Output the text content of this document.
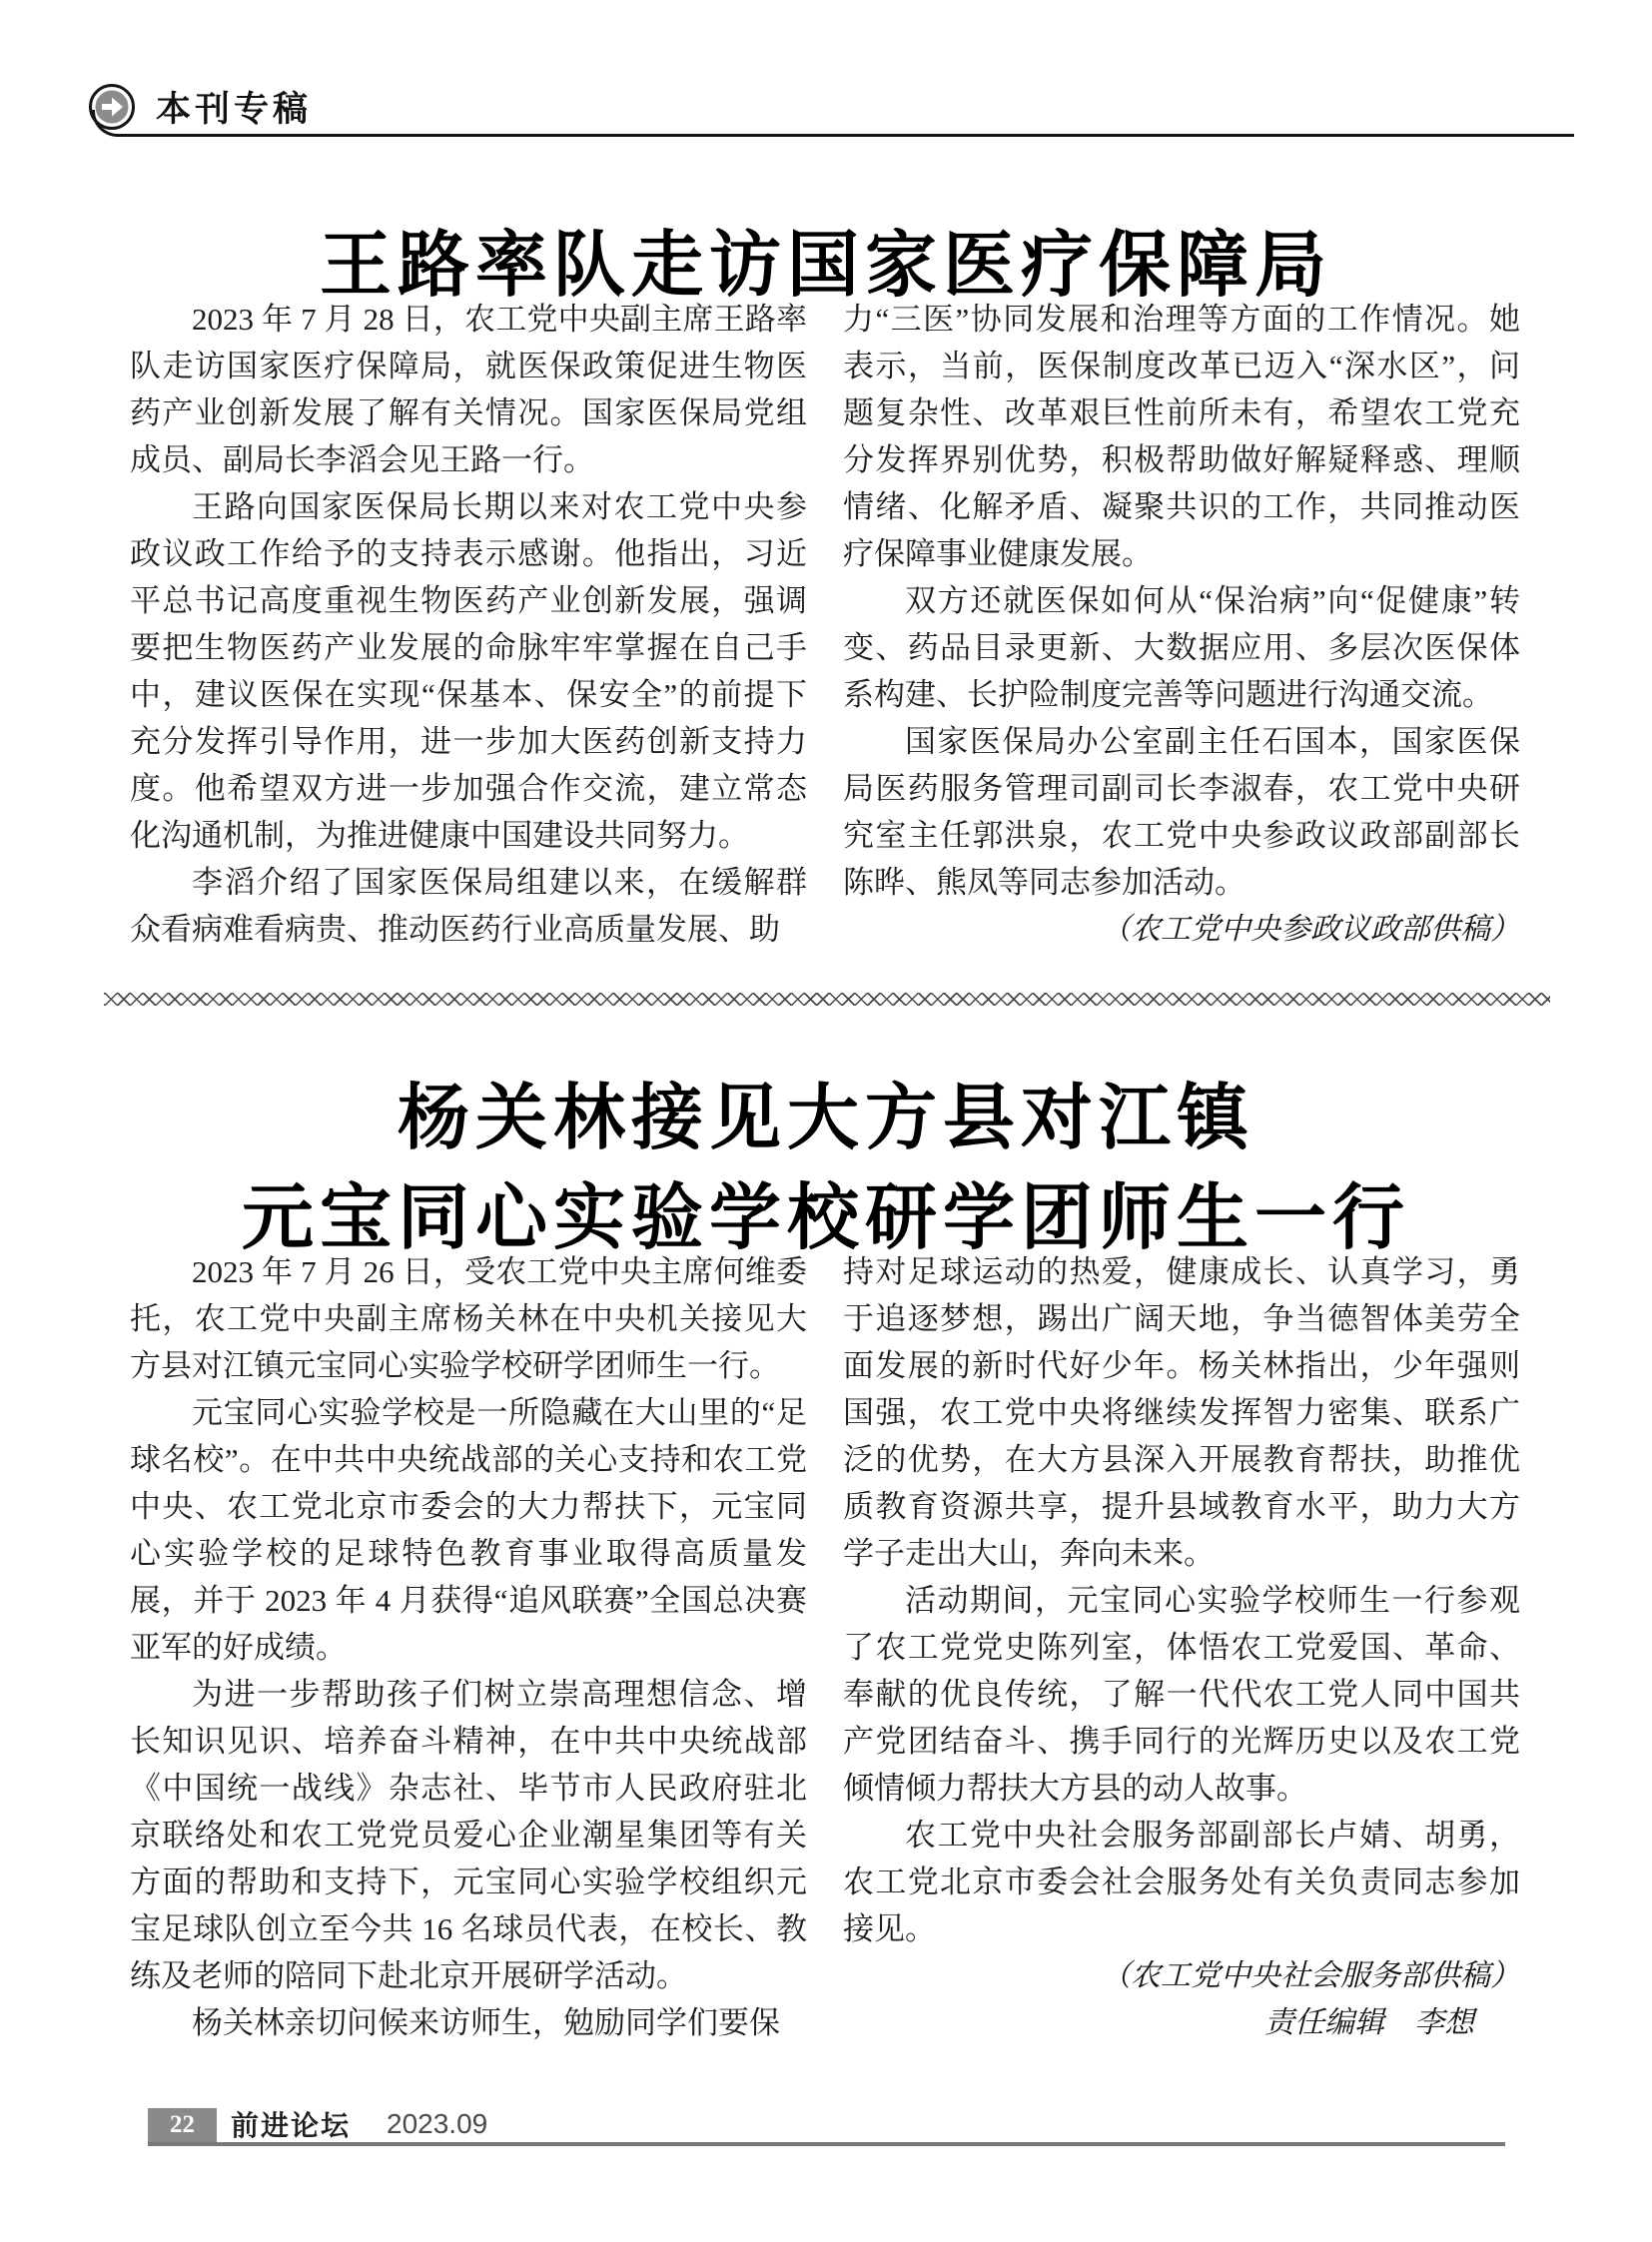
本刊专稿
王路率队走访国家医疗保障局

2023 年 7 月 28 日，农工党中央副主席王路率队走访国家医疗保障局，就医保政策促进生物医药产业创新发展了解有关情况。国家医保局党组成员、副局长李滔会见王路一行。

王路向国家医保局长期以来对农工党中央参政议政工作给予的支持表示感谢。他指出，习近平总书记高度重视生物医药产业创新发展，强调要把生物医药产业发展的命脉牢牢掌握在自己手中，建议医保在实现“保基本、保安全”的前提下充分发挥引导作用，进一步加大医药创新支持力度。他希望双方进一步加强合作交流，建立常态化沟通机制，为推进健康中国建设共同努力。

李滔介绍了国家医保局组建以来，在缓解群众看病难看病贵、推动医药行业高质量发展、助

力“三医”协同发展和治理等方面的工作情况。她表示，当前，医保制度改革已迈入“深水区”，问题复杂性、改革艰巨性前所未有，希望农工党充分发挥界别优势，积极帮助做好解疑释惑、理顺情绪、化解矛盾、凝聚共识的工作，共同推动医疗保障事业健康发展。

双方还就医保如何从“保治病”向“促健康”转变、药品目录更新、大数据应用、多层次医保体系构建、长护险制度完善等问题进行沟通交流。

国家医保局办公室副主任石国本，国家医保局医药服务管理司副司长李淑春，农工党中央研究室主任郭洪泉，农工党中央参政议政部副部长陈晔、熊凤等同志参加活动。

（农工党中央参政议政部供稿）

杨关林接见大方县对江镇
元宝同心实验学校研学团师生一行

2023 年 7 月 26 日，受农工党中央主席何维委托，农工党中央副主席杨关林在中央机关接见大方县对江镇元宝同心实验学校研学团师生一行。

元宝同心实验学校是一所隐藏在大山里的“足球名校”。在中共中央统战部的关心支持和农工党中央、农工党北京市委会的大力帮扶下，元宝同心实验学校的足球特色教育事业取得高质量发展，并于 2023 年 4 月获得“追风联赛”全国总决赛亚军的好成绩。

为进一步帮助孩子们树立崇高理想信念、增长知识见识、培养奋斗精神，在中共中央统战部《中国统一战线》杂志社、毕节市人民政府驻北京联络处和农工党党员爱心企业潮星集团等有关方面的帮助和支持下，元宝同心实验学校组织元宝足球队创立至今共 16 名球员代表，在校长、教练及老师的陪同下赴北京开展研学活动。

杨关林亲切问候来访师生，勉励同学们要保

持对足球运动的热爱，健康成长、认真学习，勇于追逐梦想，踢出广阔天地，争当德智体美劳全面发展的新时代好少年。杨关林指出，少年强则国强，农工党中央将继续发挥智力密集、联系广泛的优势，在大方县深入开展教育帮扶，助推优质教育资源共享，提升县域教育水平，助力大方学子走出大山，奔向未来。

活动期间，元宝同心实验学校师生一行参观了农工党党史陈列室，体悟农工党爱国、革命、奉献的优良传统，了解一代代农工党人同中国共产党团结奋斗、携手同行的光辉历史以及农工党倾情倾力帮扶大方县的动人故事。

农工党中央社会服务部副部长卢婧、胡勇，农工党北京市委会社会服务处有关负责同志参加接见。

（农工党中央社会服务部供稿）

责任编辑　李想

22	前进论坛 2023.09
